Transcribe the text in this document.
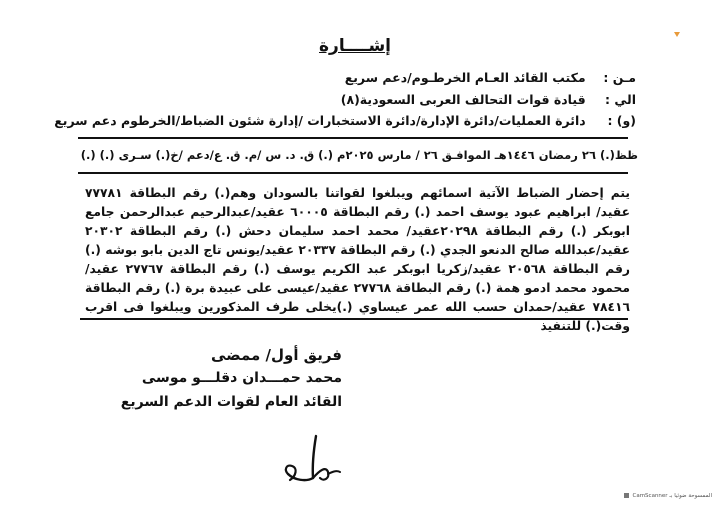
إشــــارة
مـن : مكتب القائد العـام الخرطـوم/دعم سريع
الي : قيادة قوات التحالف العربى السعودية(٨)
(و) : دائرة العمليات/دائرة الإدارة/دائرة الاستخبارات /إدارة شئون الضباط/الخرطوم دعم سريع
ظظ(.) ٢٦ رمضان ١٤٤٦هـ الموافـق ٢٦ / مارس ٢٠٢٥م (.) ق. د. س /م. ق. ع/دعم /خ(.) سـرى (.) (.)
يتم إحضار الضباط الآتية اسمائهم ويبلغوا لقواتنا بالسودان وهم(.) رقم البطاقة ٧٧٧٨١ عقيد/ ابراهيم عبود يوسف احمد (.) رقم البطاقة ٦٠٠٠٥ عقيد/عبدالرحيم عبدالرحمن جامع ابوبكر (.) رقم البطاقة ٢٠٢٩٨عقيد/ محمد احمد سليمان دحش (.) رقم البطاقة ٢٠٣٠٢ عقيد/عبدالله صالح الدنعو الجدي (.) رقم البطاقة ٢٠٣٣٧ عقيد/يونس تاج الدين بابو بوشه (.) رقم البطاقة ٢٠٥٦٨ عقيد/زكريا ابوبكر عبد الكريم يوسف (.) رقم البطاقة ٢٧٧٦٧ عقيد/محمود محمد ادمو همة (.) رقم البطاقة ٢٧٧٦٨ عقيد/عيسى على عبيدة برة (.) رقم البطاقة ٧٨٤١٦ عقيد/حمدان حسب الله عمر عيساوي (.)يخلى طرف المذكورين ويبلغوا فى اقرب وقت(.) للتنفيذ
فريق أول/ ممضى
محمد حمـــدان دقلـــو موسى
القائد العام لقوات الدعم السريع
CamScanner الممسوحة ضوئيا بـ
